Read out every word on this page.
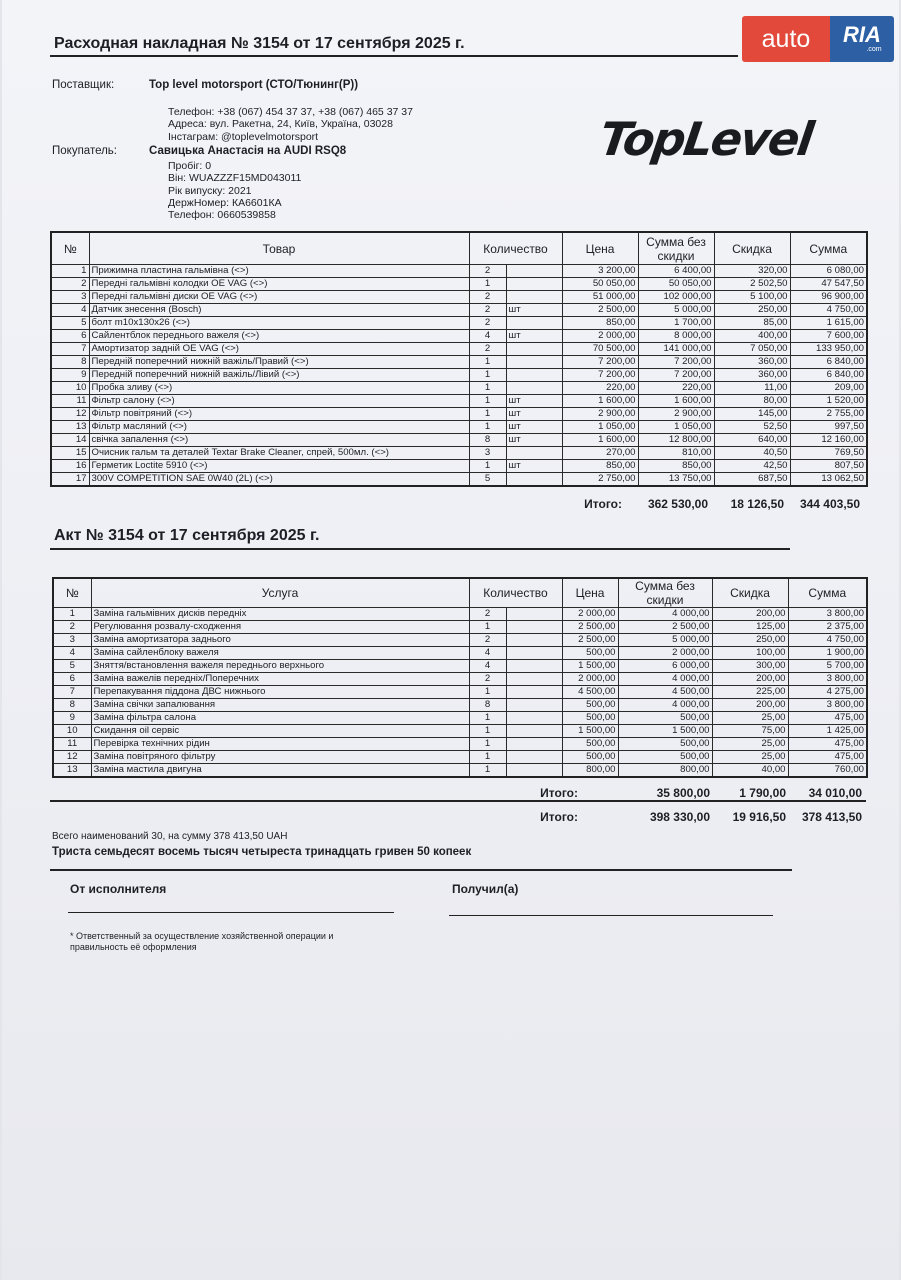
auto	RIA
.com
Расходная накладная № 3154 от 17 сентября 2025 г.
Поставщик:	Top level motorsport (СТО/Тюнинг(Р))
Телефон: +38 (067) 454 37 37, +38 (067) 465 37 37
Адреса: вул. Ракетна, 24, Київ, Україна, 03028
Інстаграм: @toplevelmotorsport	TopLevel
Покупатель:	Савицька Анастасія на AUDI RSQ8
Пробіг: 0
Він: WUAZZZF15MD043011
Рік випуску: 2021
ДержНомер: КА6601КА
Телефон: 0660539858
№	Товар	Количество		Цена	Сумма без скидки	Скидка	Сумма
1	Прижимна пластина гальмівна (<>)	2		3 200,00	6 400,00	320,00	6 080,00
2	Передні гальмівні колодки OE VAG (<>)	1		50 050,00	50 050,00	2 502,50	47 547,50
3	Передні гальмівні диски OE VAG (<>)	2		51 000,00	102 000,00	5 100,00	96 900,00
4	Датчик знесення (Bosch)	2	шт	2 500,00	5 000,00	250,00	4 750,00
5	болт m10x130x26 (<>)	2		850,00	1 700,00	85,00	1 615,00
6	Сайлентблок переднього важеля (<>)	4	шт	2 000,00	8 000,00	400,00	7 600,00
7	Амортизатор задній OE VAG (<>)	2		70 500,00	141 000,00	7 050,00	133 950,00
8	Передній поперечний нижній важіль/Правий (<>)	1		7 200,00	7 200,00	360,00	6 840,00
9	Передній поперечний нижній важіль/Лівий (<>)	1		7 200,00	7 200,00	360,00	6 840,00
10	Пробка зливу (<>)	1		220,00	220,00	11,00	209,00
11	Фільтр салону (<>)	1	шт	1 600,00	1 600,00	80,00	1 520,00
12	Фільтр повітряний (<>)	1	шт	2 900,00	2 900,00	145,00	2 755,00
13	Фільтр масляний (<>)	1	шт	1 050,00	1 050,00	52,50	997,50
14	свічка запалення (<>)	8	шт	1 600,00	12 800,00	640,00	12 160,00
15	Очисник гальм та деталей Textar Brake Cleaner, спрей, 500мл. (<>)	3		270,00	810,00	40,50	769,50
16	Герметик Loctite 5910 (<>)	1	шт	850,00	850,00	42,50	807,50
17	300V COMPETITION SAE 0W40 (2L) (<>)	5		2 750,00	13 750,00	687,50	13 062,50
Итого:	362 530,00	18 126,50	344 403,50
Акт № 3154 от 17 сентября 2025 г.
№	Услуга	Количество		Цена	Сумма без скидки	Скидка	Сумма
1	Заміна гальмівних дисків передніх	2		2 000,00	4 000,00	200,00	3 800,00
2	Регулювання розвалу-сходження	1		2 500,00	2 500,00	125,00	2 375,00
3	Заміна амортизатора заднього	2		2 500,00	5 000,00	250,00	4 750,00
4	Заміна сайленблоку важеля	4		500,00	2 000,00	100,00	1 900,00
5	Зняття/встановлення важеля переднього верхнього	4		1 500,00	6 000,00	300,00	5 700,00
6	Заміна важелів передніх/Поперечних	2		2 000,00	4 000,00	200,00	3 800,00
7	Перепакування піддона ДВС нижнього	1		4 500,00	4 500,00	225,00	4 275,00
8	Заміна свічки запалювання	8		500,00	4 000,00	200,00	3 800,00
9	Заміна фільтра салона	1		500,00	500,00	25,00	475,00
10	Скидання oil сервіс	1		1 500,00	1 500,00	75,00	1 425,00
11	Перевірка технічних рідин	1		500,00	500,00	25,00	475,00
12	Заміна повітряного фільтру	1		500,00	500,00	25,00	475,00
13	Заміна мастила двигуна	1		800,00	800,00	40,00	760,00
Итого:	35 800,00	1 790,00	34 010,00
Итого:	398 330,00	19 916,50	378 413,50
Всего наименований 30, на сумму 378 413,50 UAH
Триста семьдесят восемь тысяч четыреста тринадцать гривен 50 копеек
От исполнителя	Получил(а)
* Ответственный за осуществление хозяйственной операции и
правильность её оформления
